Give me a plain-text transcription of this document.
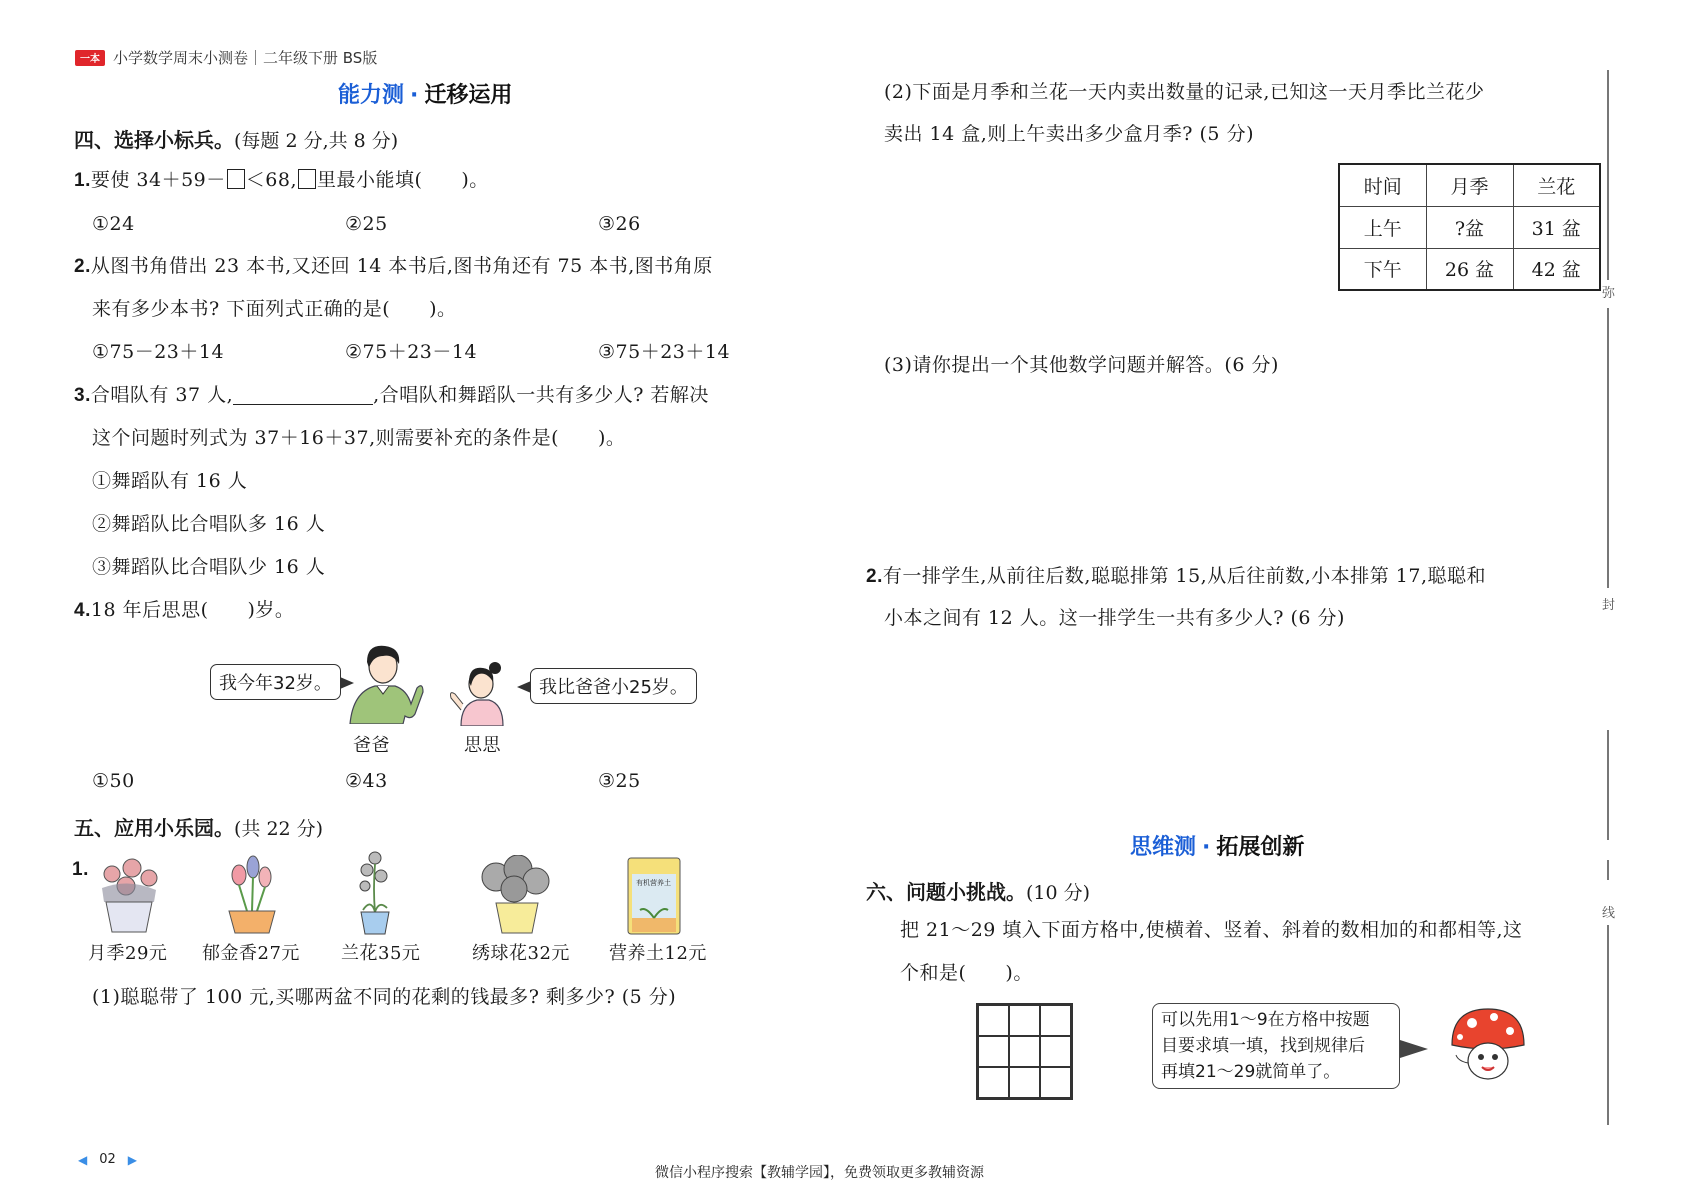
一本 小学数学周末小测卷｜二年级下册 BS版
能力测 · 迁移运用
四、选择小标兵。(每题 2 分,共 8 分)
1.要使 34＋59－ ＜68, 里最小能填(　　)。
①24	②25	③26
2.从图书角借出 23 本书,又还回 14 本书后,图书角还有 75 本书,图书角原
来有多少本书? 下面列式正确的是(　　)。
①75－23＋14	②75＋23－14	③75＋23＋14
3.合唱队有 37 人,	,合唱队和舞蹈队一共有多少人? 若解决
这个问题时列式为 37＋16＋37,则需要补充的条件是(　　)。
①舞蹈队有 16 人
②舞蹈队比合唱队多 16 人
③舞蹈队比合唱队少 16 人
4.18 年后思思(　　)岁。
我今年32岁。	我比爸爸小25岁。
爸爸	思思
①50	②43	③25
五、应用小乐园。(共 22 分)
1.
有机营养土
月季29元 郁金香27元 兰花35元	绣球花32元 营养土12元
(1)聪聪带了 100 元,买哪两盆不同的花剩的钱最多? 剩多少? (5 分)
(2)下面是月季和兰花一天内卖出数量的记录,已知这一天月季比兰花少
卖出 14 盒,则上午卖出多少盒月季? (5 分)
时间	月季	兰花
上午	?盆	31 盆
下午	26 盆	42 盆
(3)请你提出一个其他数学问题并解答。(6 分)
2.有一排学生,从前往后数,聪聪排第 15,从后往前数,小本排第 17,聪聪和
小本之间有 12 人。这一排学生一共有多少人? (6 分)
思维测 · 拓展创新
六、问题小挑战。(10 分)
把 21～29 填入下面方格中,使横着、竖着、斜着的数相加的和都相等,这
个和是(　　)。
可以先用1～9在方格中按题
目要求填一填，找到规律后
再填21～29就简单了。
弥
封
线
◀ 02 ▶
微信小程序搜索【教辅学园】，免费领取更多教辅资源
